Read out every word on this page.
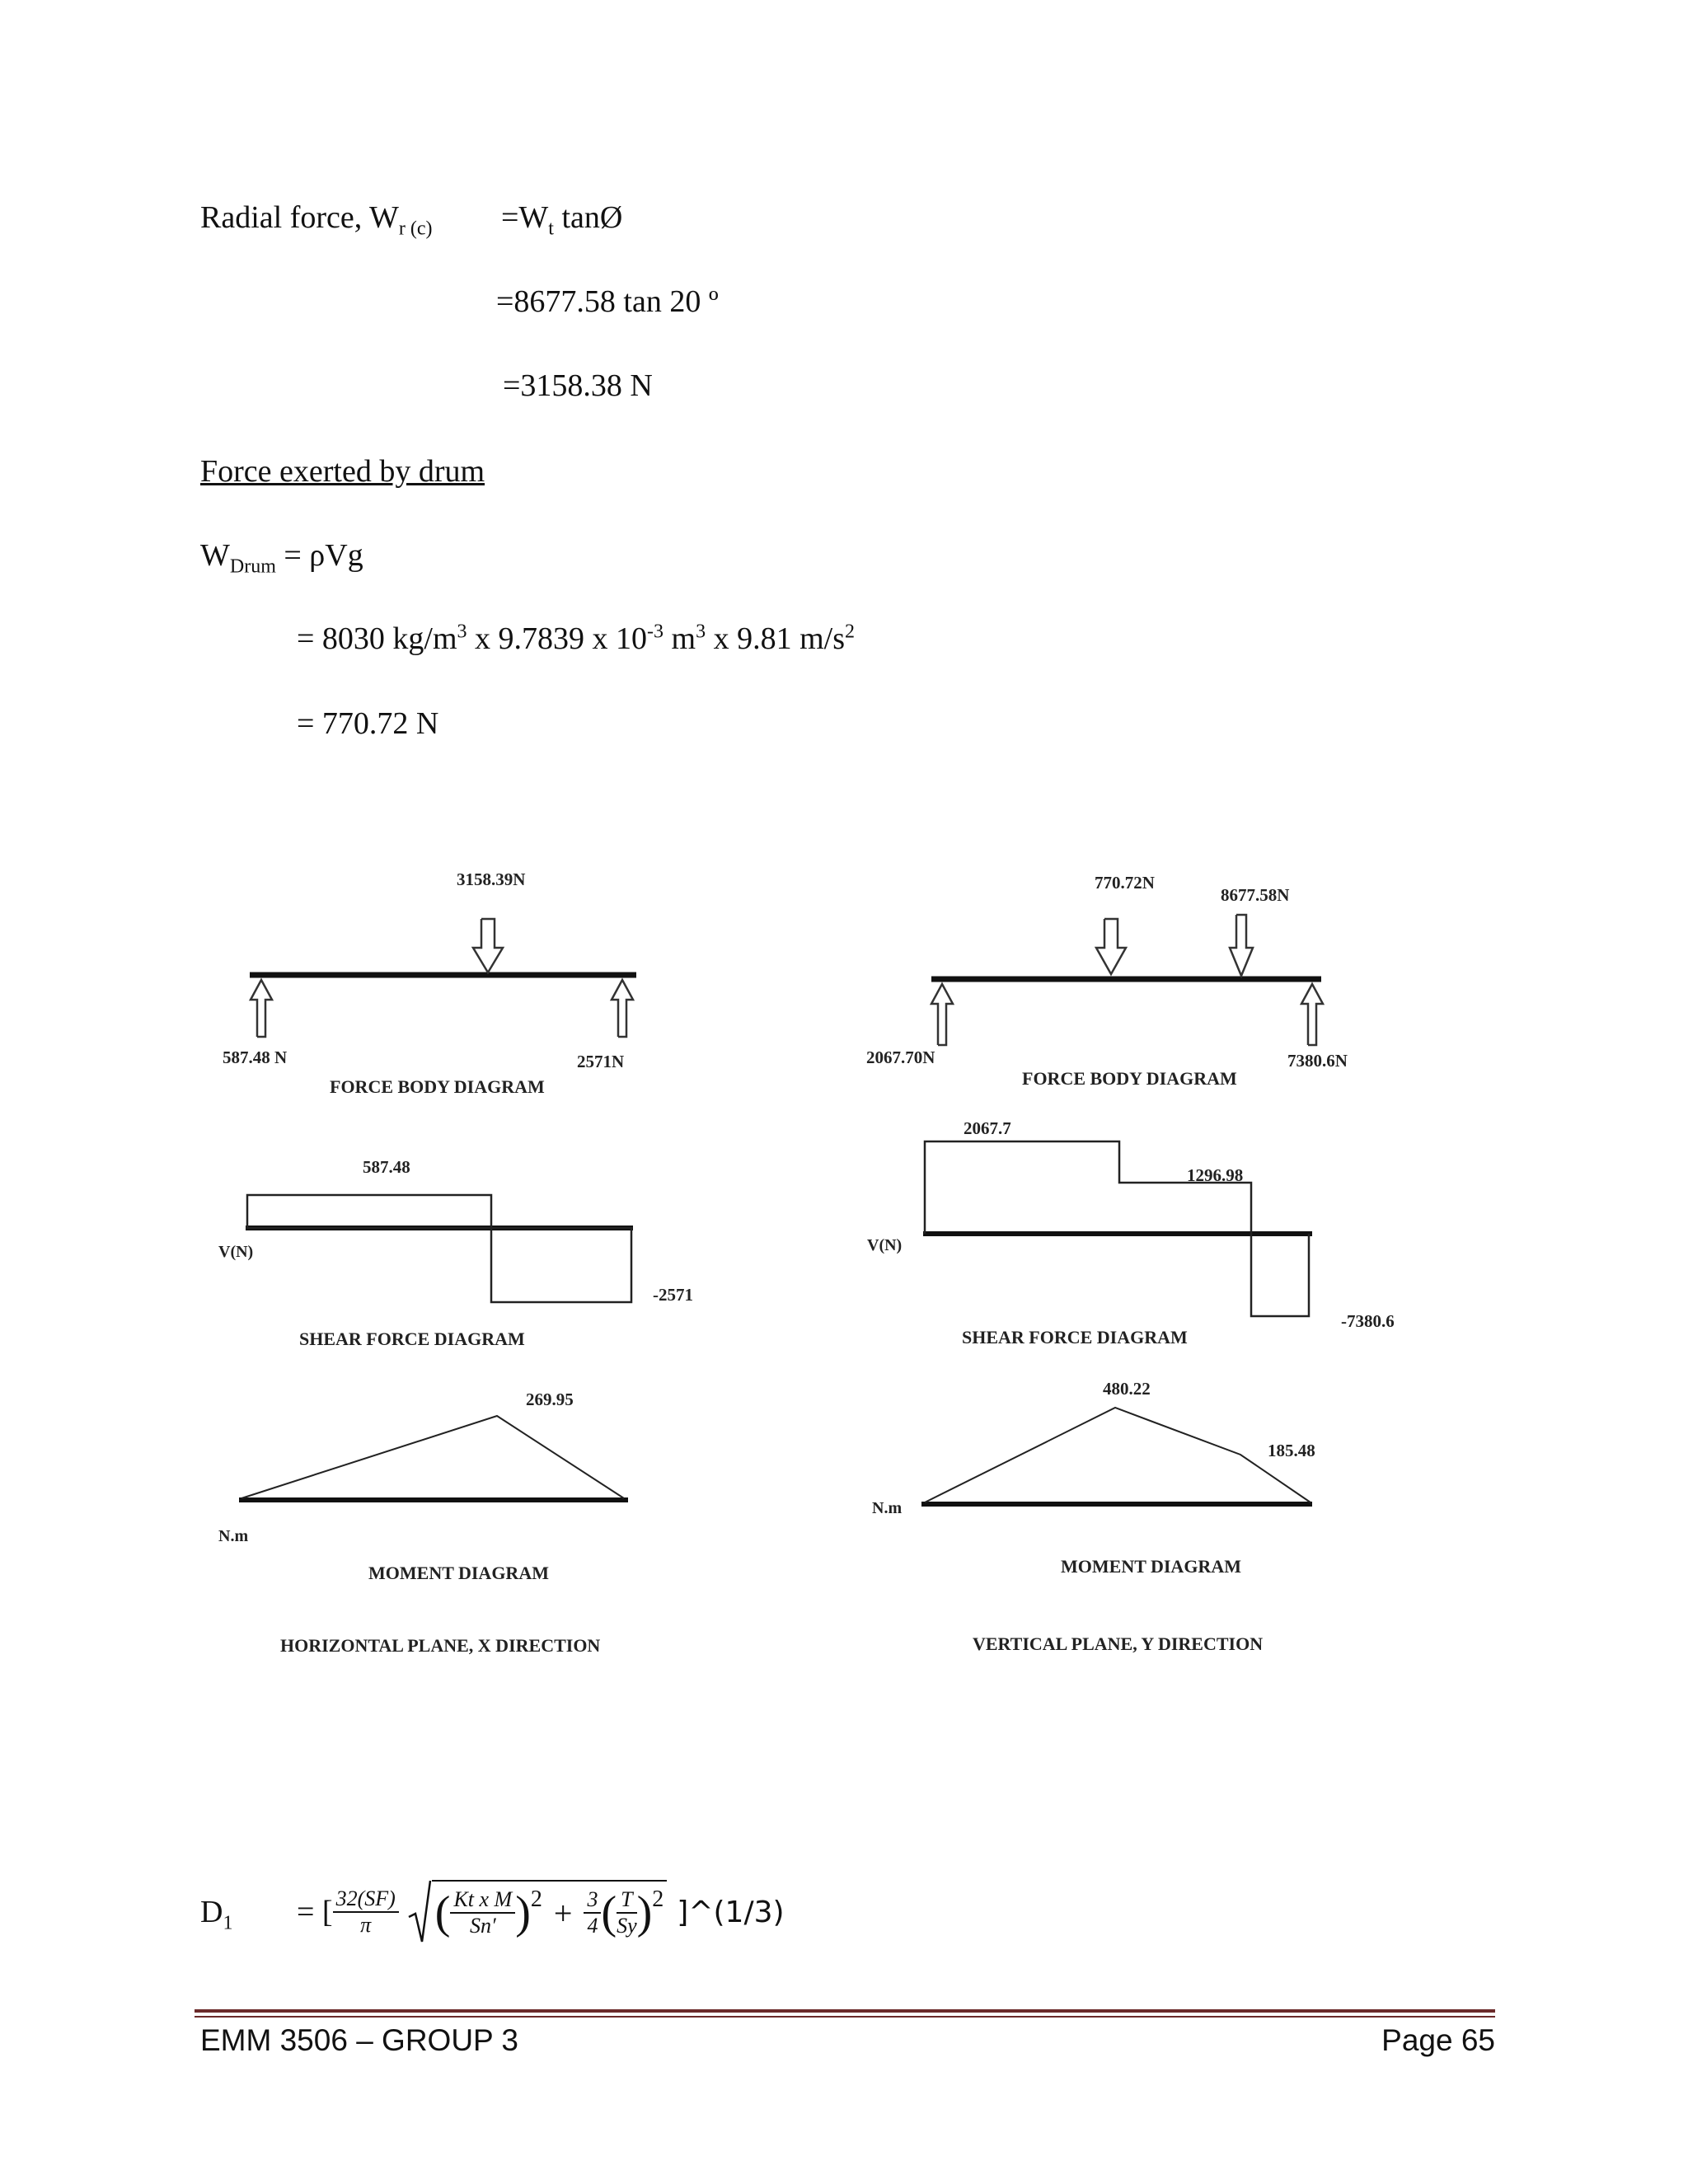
Radial force, $W_{r (c)} =W_t$ tanØ
=8677.58 tan 20 º
=3158.38 N
Force exerted by drum
$W_{Drum} = \rho Vg$
= 8030 $kg/m^3$ x 9.7839 x $10^{-3}$ $m^3$ x 9.81 $m/s^2$
= 770.72 N
3158.39N
587.48 N	2571N
FORCE BODY DIAGRAM
587.48
V(N)
-2571
SHEAR FORCE DIAGRAM
269.95
N.m
MOMENT DIAGRAM
HORIZONTAL PLANE, X DIRECTION
770.72N
8677.58N
2067.70N	7380.6N
FORCE BODY DIAGRAM
2067.7
1296.98
V(N)
-7380.6
SHEAR FORCE DIAGRAM
480.22
185.48
N.m
MOMENT DIAGRAM
VERTICAL PLANE, Y DIRECTION
$D_1$ = [ $\frac{32(SF)}{\pi}$ ( $\frac{\text{Kt x M}}{Sn'} )^2 + \frac{3}{4}$ ( $\frac{T}{Sy} )^2$ ]^(1/3)
EMM 3506 – GROUP 3	Page 65
